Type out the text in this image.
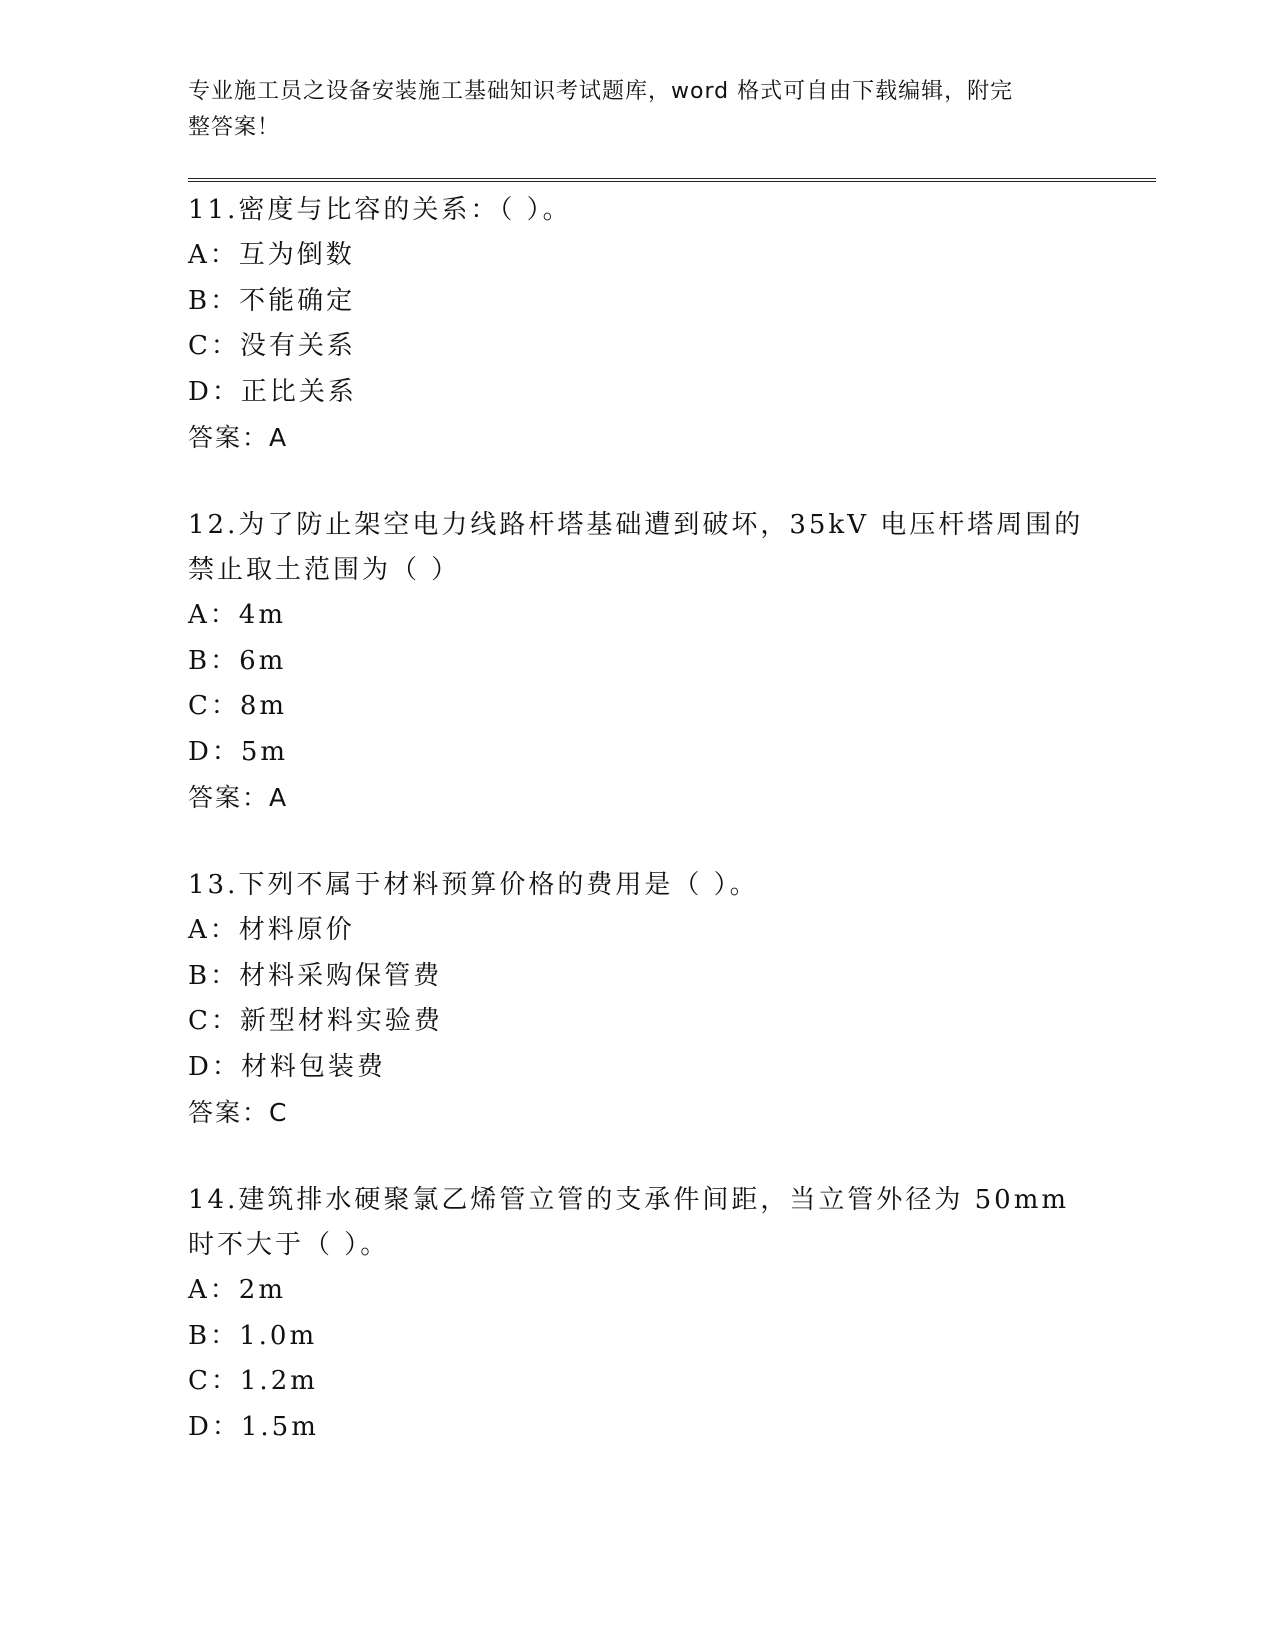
专业施工员之设备安装施工基础知识考试题库，word 格式可自由下载编辑，附完
整答案！
11.密度与比容的关系：（ ）。
A：互为倒数
B：不能确定
C：没有关系
D：正比关系
答案：A
12.为了防止架空电力线路杆塔基础遭到破坏，35kV 电压杆塔周围的禁止取土范围为（ ）
A：4m
B：6m
C：8m
D：5m
答案：A
13.下列不属于材料预算价格的费用是（ ）。
A：材料原价
B：材料采购保管费
C：新型材料实验费
D：材料包装费
答案：C
14.建筑排水硬聚氯乙烯管立管的支承件间距，当立管外径为 50mm 时不大于（ ）。
A：2m
B：1.0m
C：1.2m
D：1.5m
